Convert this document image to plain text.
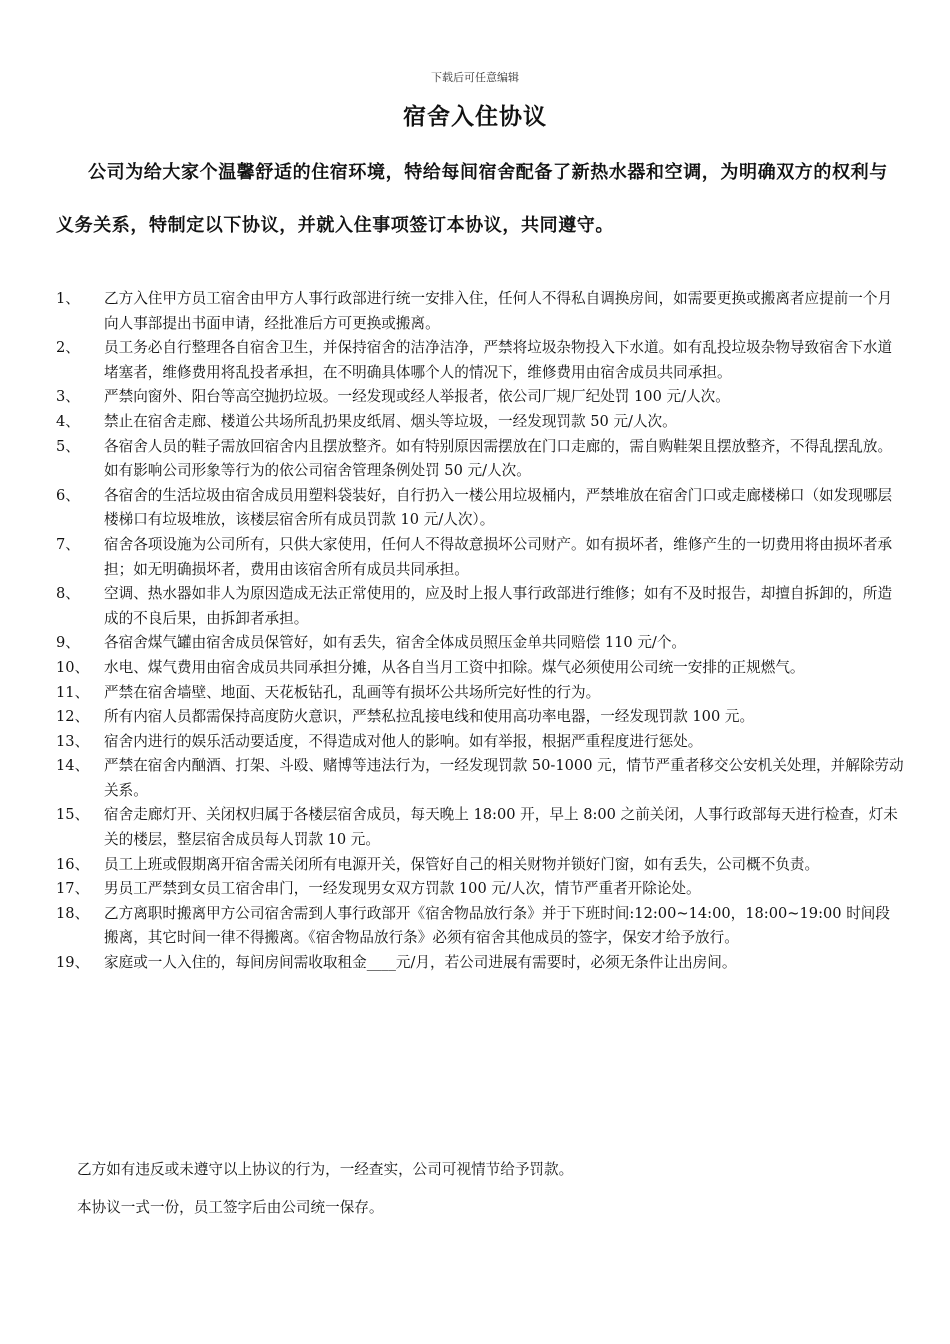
下载后可任意编辑
宿舍入住协议
公司为给大家个温馨舒适的住宿环境，特给每间宿舍配备了新热水器和空调，为明确双方的权利与义务关系，特制定以下协议，并就入住事项签订本协议，共同遵守。
1、 乙方入住甲方员工宿舍由甲方人事行政部进行统一安排入住，任何人不得私自调换房间，如需要更换或搬离者应提前一个月向人事部提出书面申请，经批准后方可更换或搬离。
2、 员工务必自行整理各自宿舍卫生，并保持宿舍的洁净洁净，严禁将垃圾杂物投入下水道。如有乱投垃圾杂物导致宿舍下水道堵塞者，维修费用将乱投者承担，在不明确具体哪个人的情况下，维修费用由宿舍成员共同承担。
3、 严禁向窗外、阳台等高空抛扔垃圾。一经发现或经人举报者，依公司厂规厂纪处罚 100 元/人次。
4、 禁止在宿舍走廊、楼道公共场所乱扔果皮纸屑、烟头等垃圾，一经发现罚款 50 元/人次。
5、 各宿舍人员的鞋子需放回宿舍内且摆放整齐。如有特别原因需摆放在门口走廊的，需自购鞋架且摆放整齐，不得乱摆乱放。如有影响公司形象等行为的依公司宿舍管理条例处罚 50 元/人次。
6、 各宿舍的生活垃圾由宿舍成员用塑料袋装好，自行扔入一楼公用垃圾桶内，严禁堆放在宿舍门口或走廊楼梯口（如发现哪层楼梯口有垃圾堆放，该楼层宿舍所有成员罚款 10 元/人次）。
7、 宿舍各项设施为公司所有，只供大家使用，任何人不得故意损坏公司财产。如有损坏者，维修产生的一切费用将由损坏者承担；如无明确损坏者，费用由该宿舍所有成员共同承担。
8、 空调、热水器如非人为原因造成无法正常使用的，应及时上报人事行政部进行维修；如有不及时报告，却擅自拆卸的，所造成的不良后果，由拆卸者承担。
9、 各宿舍煤气罐由宿舍成员保管好，如有丢失，宿舍全体成员照压金单共同赔偿 110 元/个。
10、 水电、煤气费用由宿舍成员共同承担分摊，从各自当月工资中扣除。煤气必须使用公司统一安排的正规燃气。
11、 严禁在宿舍墙壁、地面、天花板钻孔，乱画等有损坏公共场所完好性的行为。
12、 所有内宿人员都需保持高度防火意识，严禁私拉乱接电线和使用高功率电器，一经发现罚款 100 元。
13、 宿舍内进行的娱乐活动要适度，不得造成对他人的影响。如有举报，根据严重程度进行惩处。
14、 严禁在宿舍内酗酒、打架、斗殴、赌博等违法行为，一经发现罚款 50-1000 元，情节严重者移交公安机关处理，并解除劳动关系。
15、 宿舍走廊灯开、关闭权归属于各楼层宿舍成员，每天晚上 18:00 开，早上 8:00 之前关闭，人事行政部每天进行检查，灯未关的楼层，整层宿舍成员每人罚款 10 元。
16、 员工上班或假期离开宿舍需关闭所有电源开关，保管好自己的相关财物并锁好门窗，如有丢失，公司概不负责。
17、 男员工严禁到女员工宿舍串门，一经发现男女双方罚款 100 元/人次，情节严重者开除论处。
18、 乙方离职时搬离甲方公司宿舍需到人事行政部开《宿舍物品放行条》并于下班时间:12:00~14:00，18:00~19:00 时间段搬离，其它时间一律不得搬离。《宿舍物品放行条》必须有宿舍其他成员的签字，保安才给予放行。
19、 家庭或一人入住的，每间房间需收取租金____元/月，若公司进展有需要时，必须无条件让出房间。
乙方如有违反或未遵守以上协议的行为，一经查实，公司可视情节给予罚款。
本协议一式一份，员工签字后由公司统一保存。
